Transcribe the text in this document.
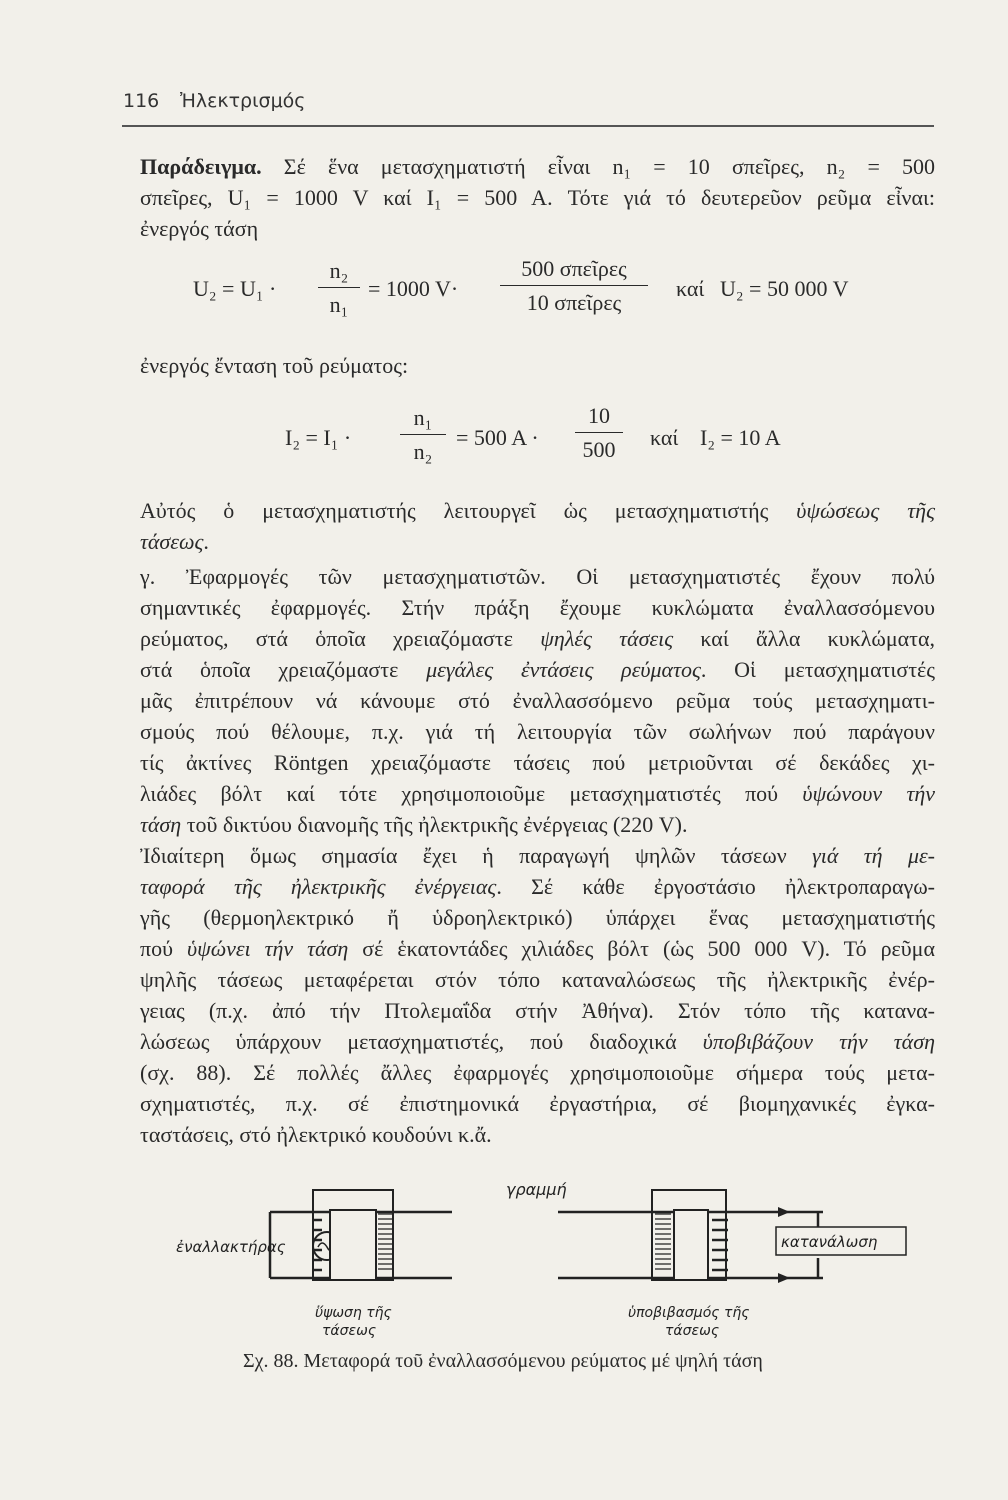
116 Ἠλεκτρισμός
Παράδειγμα. Σέ ἕνα μετασχηματιστή εἶναι n₁ = 10 σπεῖρες, n₂ = 500
σπεῖρες, U₁ = 1000 V καί I₁ = 500 A. Τότε γιά τό δευτερεῦον ρεῦμα εἶναι:
ἐνεργός τάση
Αὐτός ὁ μετασχηματιστής λειτουργεῖ ὡς μετασχηματιστής ὑψώσεως τῆς
τάσεως.
γ. Ἐφαρμογές τῶν μετασχηματιστῶν. Οἱ μετασχηματιστές ἔχουν πολύ
σημαντικές ἐφαρμογές. Στήν πράξη ἔχουμε κυκλώματα ἐναλλασσόμενου
ρεύματος, στά ὁποῖα χρειαζόμαστε ψηλές τάσεις καί ἄλλα κυκλώματα,
στά ὁποῖα χρειαζόμαστε μεγάλες ἐντάσεις ρεύματος. Οἱ μετασχηματιστές
μᾶς ἐπιτρέπουν νά κάνουμε στό ἐναλλασσόμενο ρεῦμα τούς μετασχηματι-
σμούς πού θέλουμε, π.χ. γιά τή λειτουργία τῶν σωλήνων πού παράγουν
τίς ἀκτίνες Röntgen χρειαζόμαστε τάσεις πού μετριοῦνται σέ δεκάδες χι-
λιάδες βόλτ καί τότε χρησιμοποιοῦμε μετασχηματιστές πού ὑψώνουν τήν
τάση τοῦ δικτύου διανομῆς τῆς ἠλεκτρικῆς ἐνέργειας (220 V).
Ἰδιαίτερη ὅμως σημασία ἔχει ἡ παραγωγή ψηλῶν τάσεων γιά τή με-
ταφορά τῆς ἠλεκτρικῆς ἐνέργειας. Σέ κάθε ἐργοστάσιο ἠλεκτροπαραγω-
γῆς (θερμοηλεκτρικό ἤ ὑδροηλεκτρικό) ὑπάρχει ἕνας μετασχηματιστής
πού ὑψώνει τήν τάση σέ ἑκατοντάδες χιλιάδες βόλτ (ὡς 500 000 V). Τό ρεῦμα
ψηλῆς τάσεως μεταφέρεται στόν τόπο καταναλώσεως τῆς ἠλεκτρικῆς ἐνέρ-
γειας (π.χ. ἀπό τήν Πτολεμαΐδα στήν Ἀθήνα). Στόν τόπο τῆς κατανα-
λώσεως ὑπάρχουν μετασχηματιστές, πού διαδοχικά ὑποβιβάζουν τήν τάση
(σχ. 88). Σέ πολλές ἄλλες ἐφαρμογές χρησιμοποιοῦμε σήμερα τούς μετα-
σχηματιστές, π.χ. σέ ἐπιστημονικά ἐργαστήρια, σέ βιομηχανικές ἐγκα-
ταστάσεις, στό ἠλεκτρικό κουδούνι κ.ἄ.
$U_2 = U_1 \cdot \frac{\text{n₂}}{\text{n₁}} = 1000$ V·
500 σπεῖρες
10 σπεῖρες
καί U₂ = 50 000 V
ἐνεργός ἔνταση τοῦ ρεύματος:
$I_2 = I_1 \cdot \frac{\text{n₁}}{\text{n₂}} = 500$ $A \cdot \frac{10}{500}$ καί I₂ = 10 A
γραμμή
ἐναλλακτήρας	κατανάλωση
ὕψωση τῆς
τάσεως
ὑποβιβασμός τῆς
τάσεως
Σχ. 88. Μεταφορά τοῦ ἐναλλασσόμενου ρεύματος μέ ψηλή τάση
